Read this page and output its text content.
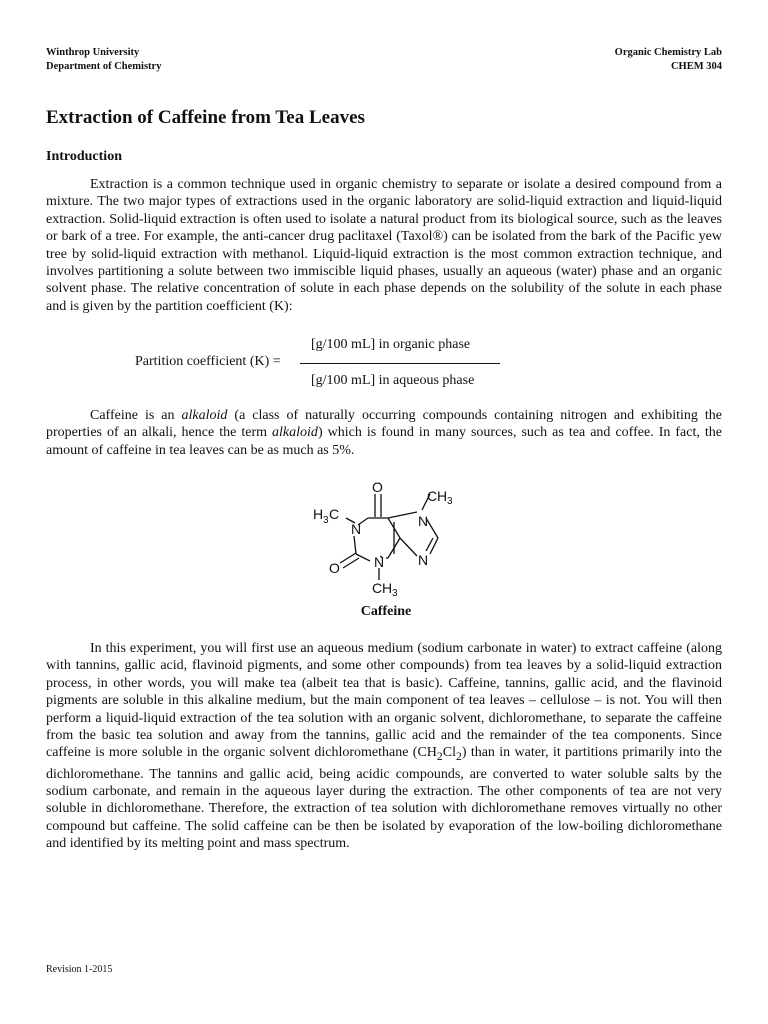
Winthrop University
Department of Chemistry
Organic Chemistry Lab
CHEM 304
Extraction of Caffeine from Tea Leaves
Introduction

Extraction is a common technique used in organic chemistry to separate or isolate a desired compound from a mixture. The two major types of extractions used in the organic laboratory are solid-liquid extraction and liquid-liquid extraction. Solid-liquid extraction is often used to isolate a natural product from its biological source, such as the leaves or bark of a tree. For example, the anti-cancer drug paclitaxel (Taxol®) can be isolated from the bark of the Pacific yew tree by solid-liquid extraction with methanol. Liquid-liquid extraction is the most common extraction technique, and involves partitioning a solute between two immiscible liquid phases, usually an aqueous (water) phase and an organic solvent phase. The relative concentration of solute in each phase depends on the solubility of the solute in each phase and is given by the partition coefficient (K):

Partition coefficient (K) =
[g/100 mL] in organic phase
[g/100 mL] in aqueous phase

Caffeine is an alkaloid (a class of naturally occurring compounds containing nitrogen and exhibiting the properties of an alkali, hence the term alkaloid) which is found in many sources, such as tea and coffee. In fact, the amount of caffeine in tea leaves can be as much as 5%.

O
C H 3
H 3 C
N	N
N
N
O
C H 3
Caffeine

In this experiment, you will first use an aqueous medium (sodium carbonate in water) to extract caffeine (along with tannins, gallic acid, flavinoid pigments, and some other compounds) from tea leaves by a solid-liquid extraction process, in other words, you will make tea (albeit tea that is basic). Caffeine, tannins, gallic acid, and the flavinoid pigments are soluble in this alkaline medium, but the main component of tea leaves – cellulose – is not. You will then perform a liquid-liquid extraction of the tea solution with an organic solvent, dichloromethane, to separate the caffeine from the basic tea solution and away from the tannins, gallic acid and the remainder of the tea components. Since caffeine is more soluble in the organic solvent dichloromethane $(CH_2Cl_2)$ than in water, it partitions primarily into the dichloromethane. The tannins and gallic acid, being acidic compounds, are converted to water soluble salts by the sodium carbonate, and remain in the aqueous layer during the extraction. The other components of tea are not very soluble in dichloromethane. Therefore, the extraction of tea solution with dichloromethane removes virtually no other compound but caffeine. The solid caffeine can be then be isolated by evaporation of the low-boiling dichloromethane and identified by its melting point and mass spectrum.

Revision 1-2015
